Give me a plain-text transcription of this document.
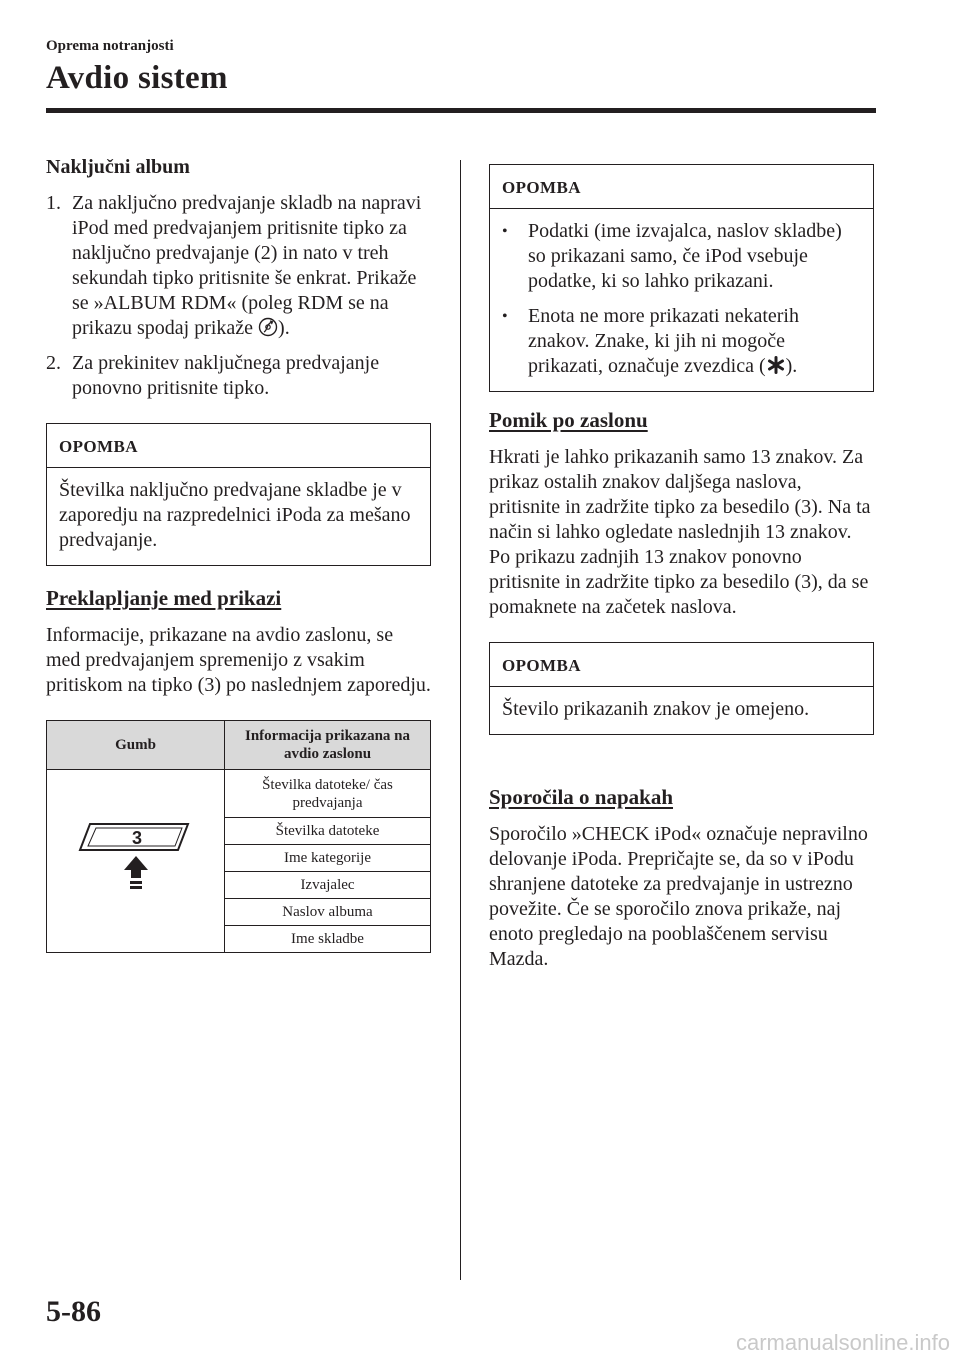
Oprema notranjosti
Avdio sistem
Naključni album
1. Za naključno predvajanje skladb na napravi iPod med predvajanjem pritisnite tipko za naključno predvajanje (2) in nato v treh sekundah tipko pritisnite še enkrat. Prikaže se »ALBUM RDM« (poleg RDM se na prikazu spodaj prikaže ).
2. Za prekinitev naključnega predvajanje ponovno pritisnite tipko.
OPOMBA
Številka naključno predvajane skladbe je v zaporedju na razpredelnici iPoda za mešano predvajanje.
Preklapljanje med prikazi
Informacije, prikazane na avdio zaslonu, se med predvajanjem spremenijo z vsakim pritiskom na tipko (3) po naslednjem zaporedju.
Gumb	Informacija prikazana na avdio zaslonu

3	Številka datoteke/ čas predvajanja
	Številka datoteke
	Ime kategorije
	Izvajalec
	Naslov albuma
	Ime skladbe
OPOMBA
•	Podatki (ime izvajalca, naslov skladbe) so prikazani samo, če iPod vsebuje podatke, ki so lahko prikazani.
•	Enota ne more prikazati nekaterih znakov. Znake, ki jih ni mogoče prikazati, označuje zvezdica ( ).
Pomik po zaslonu
Hkrati je lahko prikazanih samo 13 znakov. Za prikaz ostalih znakov daljšega naslova, pritisnite in zadržite tipko za besedilo (3). Na ta način si lahko ogledate naslednjih 13 znakov. Po prikazu zadnjih 13 znakov ponovno pritisnite in zadržite tipko za besedilo (3), da se pomaknete na začetek naslova.
OPOMBA
Število prikazanih znakov je omejeno.
Sporočila o napakah
Sporočilo »CHECK iPod« označuje nepravilno delovanje iPoda. Prepričajte se, da so v iPodu shranjene datoteke za predvajanje in ustrezno povežite. Če se sporočilo znova prikaže, naj enoto pregledajo na pooblaščenem servisu Mazda.
5-86
carmanualsonline.info
